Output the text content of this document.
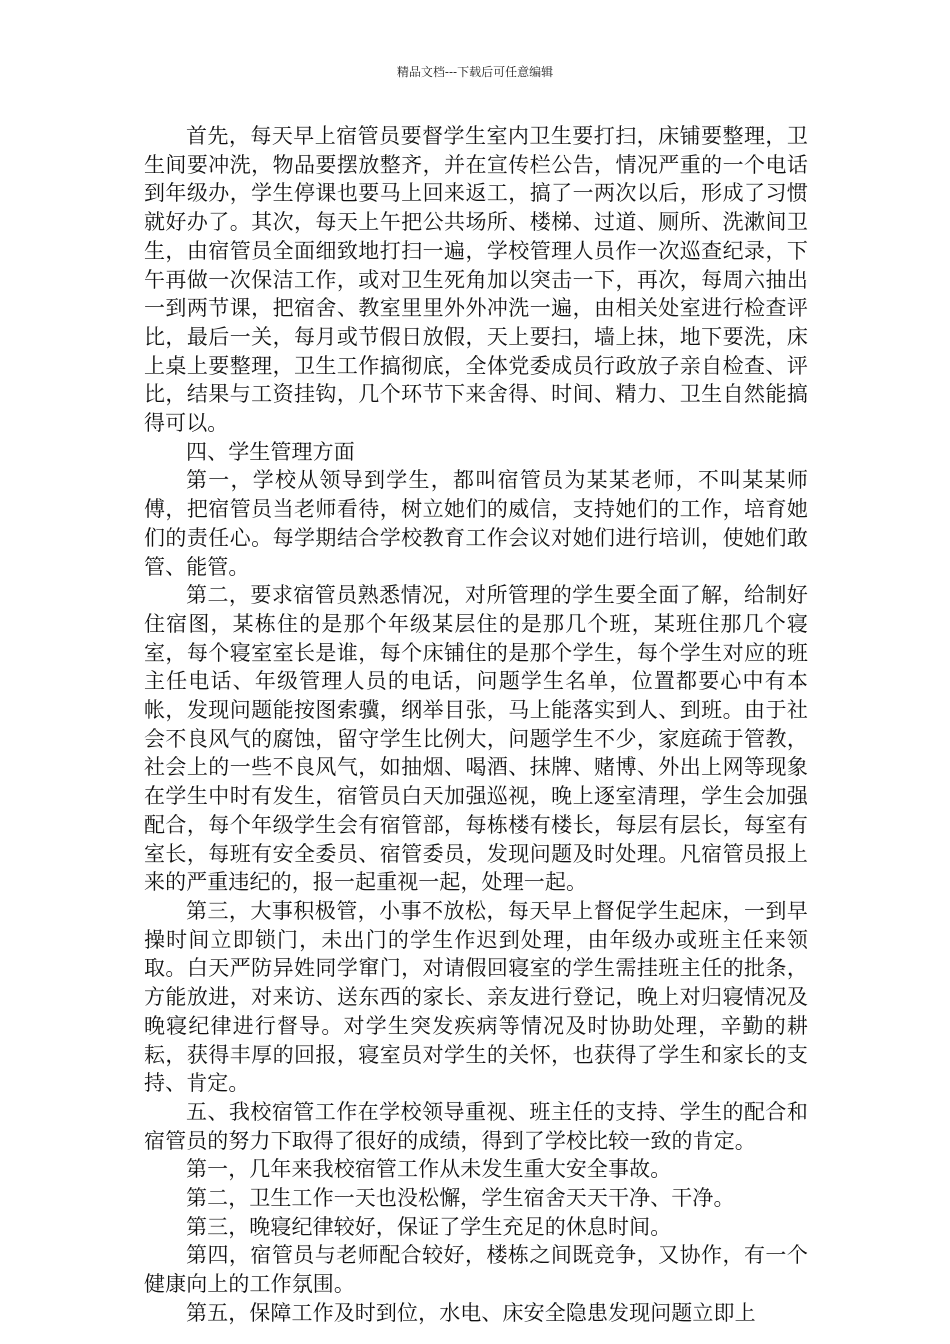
精品文档---下载后可任意编辑

首先，每天早上宿管员要督学生室内卫生要打扫，床铺要整理，卫生间要冲洗，物品要摆放整齐，并在宣传栏公告，情况严重的一个电话到年级办，学生停课也要马上回来返工，搞了一两次以后，形成了习惯就好办了。其次，每天上午把公共场所、楼梯、过道、厕所、洗漱间卫生，由宿管员全面细致地打扫一遍，学校管理人员作一次巡查纪录，下午再做一次保洁工作，或对卫生死角加以突击一下，再次，每周六抽出一到两节课，把宿舍、教室里里外外冲洗一遍，由相关处室进行检查评比，最后一关，每月或节假日放假，天上要扫，墙上抹，地下要洗，床上桌上要整理，卫生工作搞彻底，全体党委成员行政放子亲自检查、评比，结果与工资挂钩，几个环节下来舍得、时间、精力、卫生自然能搞得可以。

四、学生管理方面

第一，学校从领导到学生，都叫宿管员为某某老师，不叫某某师傅，把宿管员当老师看待，树立她们的威信，支持她们的工作，培育她们的责任心。每学期结合学校教育工作会议对她们进行培训，使她们敢管、能管。

第二，要求宿管员熟悉情况，对所管理的学生要全面了解，给制好住宿图，某栋住的是那个年级某层住的是那几个班，某班住那几个寝室，每个寝室室长是谁，每个床铺住的是那个学生，每个学生对应的班主任电话、年级管理人员的电话，问题学生名单，位置都要心中有本帐，发现问题能按图索骥，纲举目张，马上能落实到人、到班。由于社会不良风气的腐蚀，留守学生比例大，问题学生不少，家庭疏于管教，社会上的一些不良风气，如抽烟、喝酒、抹牌、赌博、外出上网等现象在学生中时有发生，宿管员白天加强巡视，晚上逐室清理，学生会加强配合，每个年级学生会有宿管部，每栋楼有楼长，每层有层长，每室有室长，每班有安全委员、宿管委员，发现问题及时处理。凡宿管员报上来的严重违纪的，报一起重视一起，处理一起。

第三，大事积极管，小事不放松，每天早上督促学生起床，一到早操时间立即锁门，未出门的学生作迟到处理，由年级办或班主任来领取。白天严防异姓同学窜门，对请假回寝室的学生需挂班主任的批条，方能放进，对来访、送东西的家长、亲友进行登记，晚上对归寝情况及晚寝纪律进行督导。对学生突发疾病等情况及时协助处理，辛勤的耕耘，获得丰厚的回报，寝室员对学生的关怀，也获得了学生和家长的支持、肯定。

五、我校宿管工作在学校领导重视、班主任的支持、学生的配合和宿管员的努力下取得了很好的成绩，得到了学校比较一致的肯定。

第一，几年来我校宿管工作从未发生重大安全事故。

第二，卫生工作一天也没松懈，学生宿舍天天干净、干净。

第三，晚寝纪律较好，保证了学生充足的休息时间。

第四，宿管员与老师配合较好，楼栋之间既竞争，又协作，有一个健康向上的工作氛围。

第五，保障工作及时到位，水电、床安全隐患发现问题立即上
